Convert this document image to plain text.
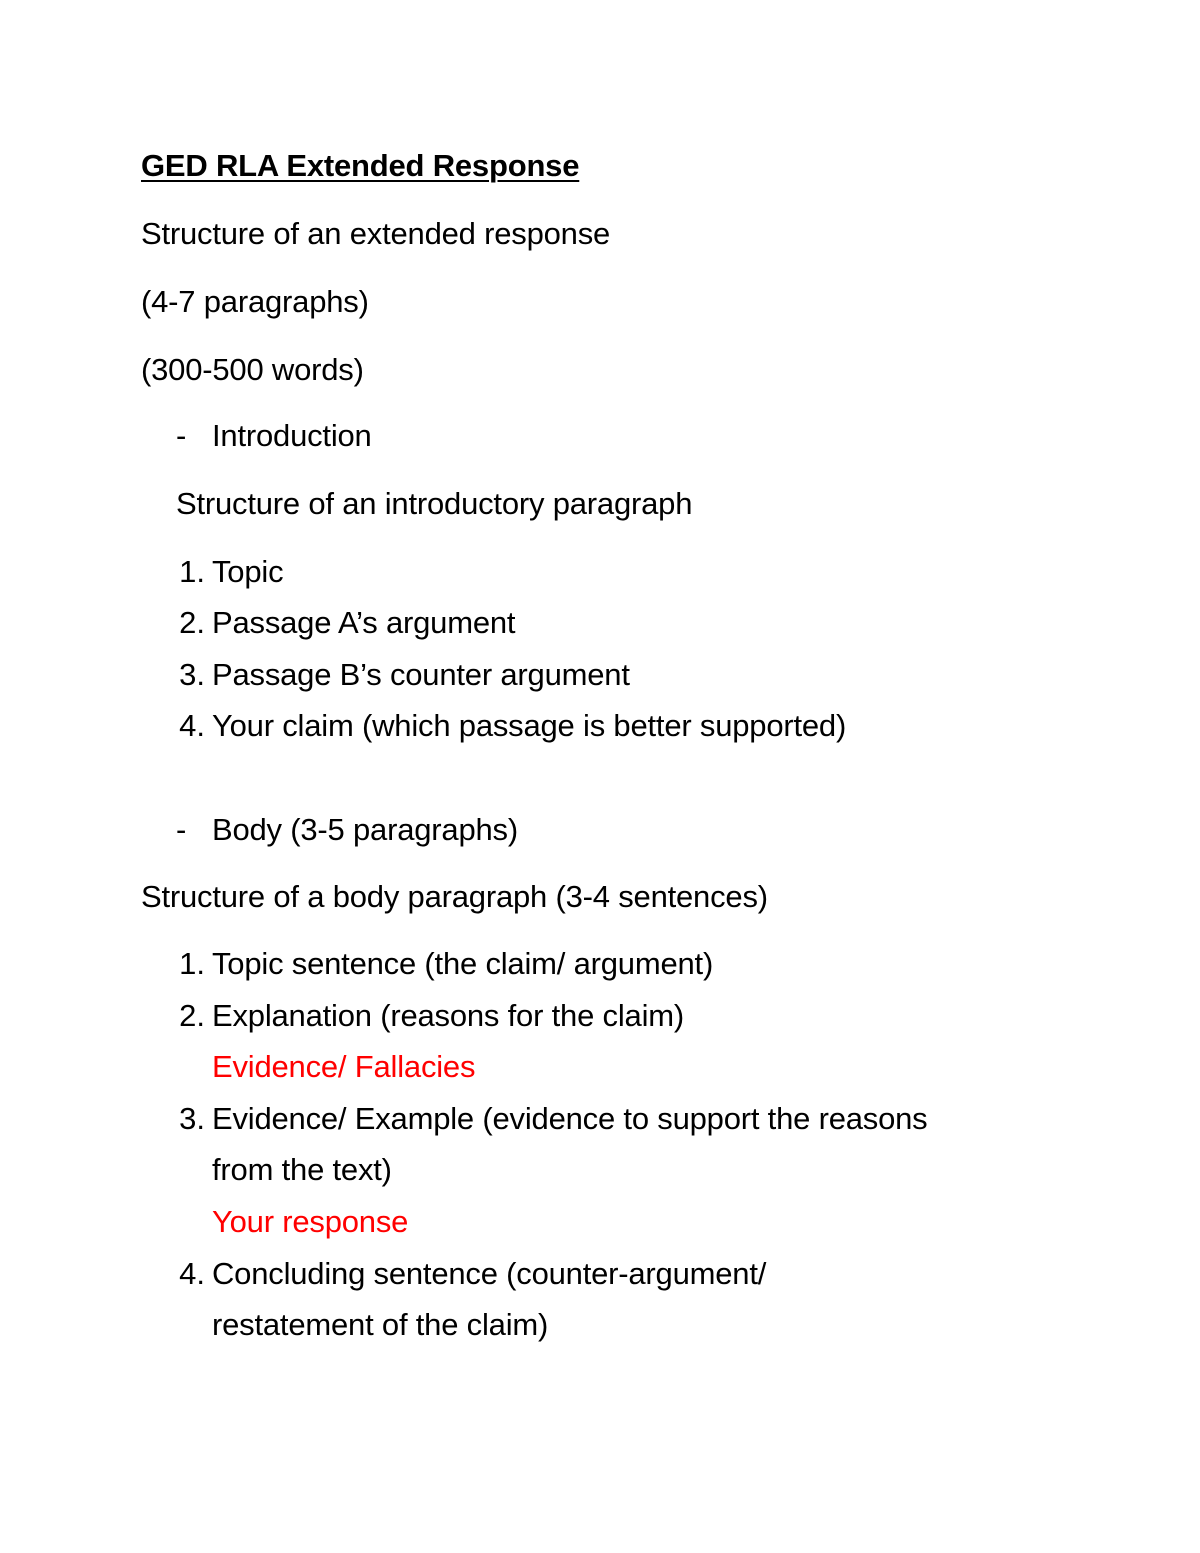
GED RLA Extended Response
Structure of an extended response
(4-7 paragraphs)
(300-500 words)
- Introduction
Structure of an introductory paragraph
1. Topic
2. Passage A’s argument
3. Passage B’s counter argument
4. Your claim (which passage is better supported)
- Body (3-5 paragraphs)
Structure of a body paragraph (3-4 sentences)
1. Topic sentence (the claim/ argument)
2. Explanation (reasons for the claim)
Evidence/ Fallacies
3. Evidence/ Example (evidence to support the reasons
from the text)
Your response
4. Concluding sentence (counter-argument/
restatement of the claim)
